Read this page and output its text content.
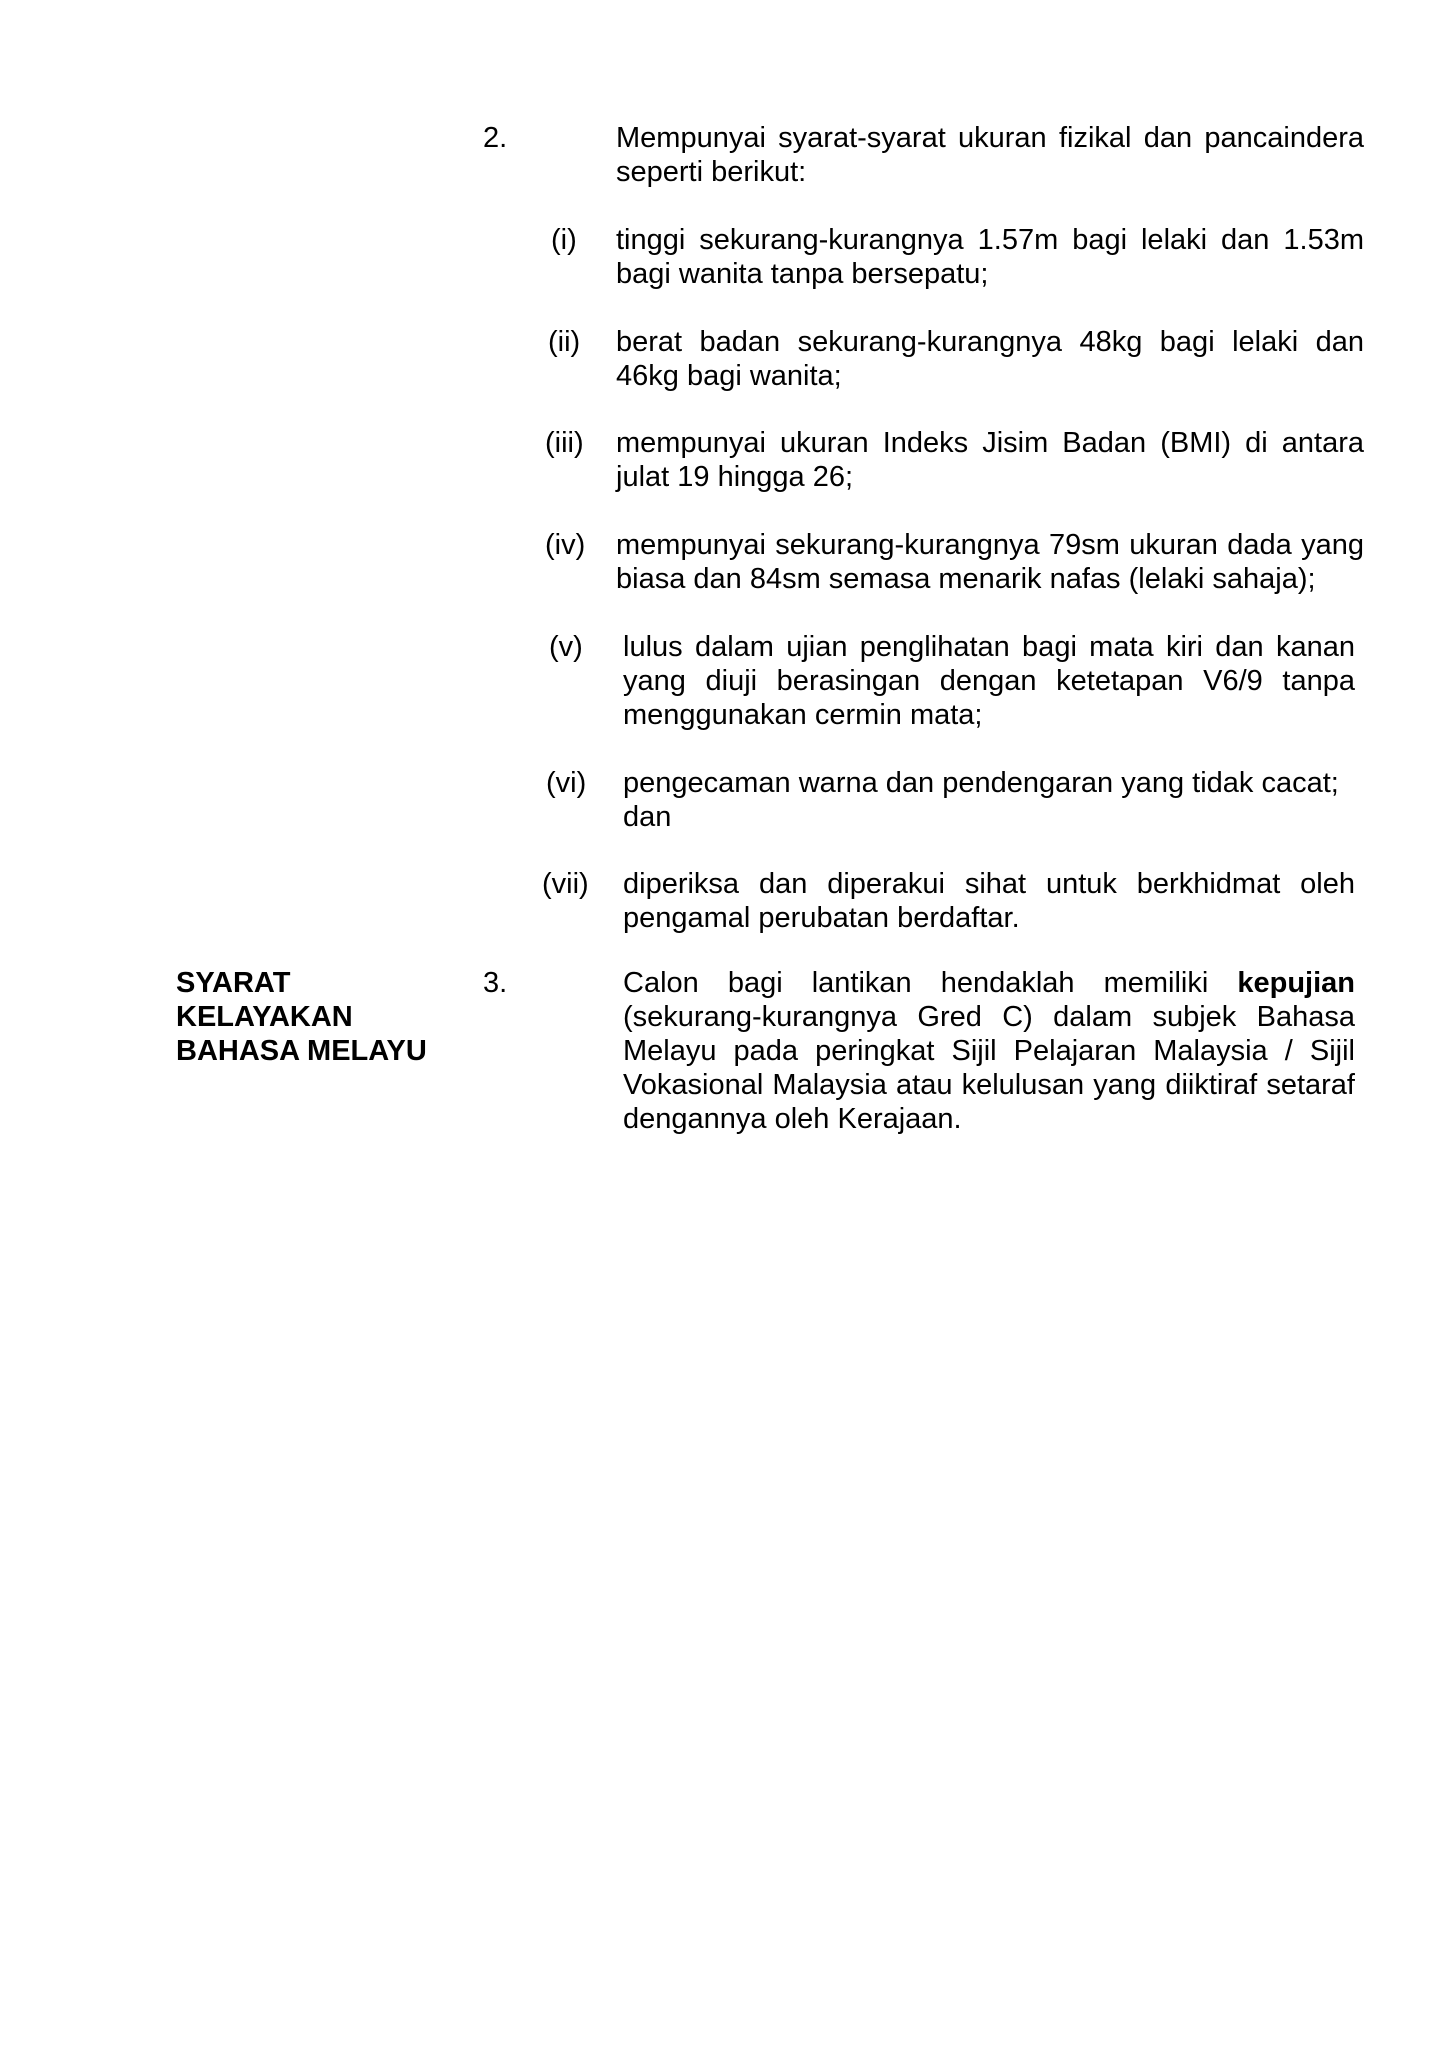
2.	Mempunyai syarat-syarat ukuran fizikal dan pancaindera seperti berikut:
(i) tinggi sekurang-kurangnya 1.57m bagi lelaki dan 1.53m bagi wanita tanpa bersepatu;
(ii) berat badan sekurang-kurangnya 48kg bagi lelaki dan 46kg bagi wanita;
(iii) mempunyai ukuran Indeks Jisim Badan (BMI) di antara julat 19 hingga 26;
(iv) mempunyai sekurang-kurangnya 79sm ukuran dada yang biasa dan 84sm semasa menarik nafas (lelaki sahaja);
(v) lulus dalam ujian penglihatan bagi mata kiri dan kanan yang diuji berasingan dengan ketetapan V6/9 tanpa menggunakan cermin mata;
(vi) pengecaman warna dan pendengaran yang tidak cacat; dan
(vii) diperiksa dan diperakui sihat untuk berkhidmat oleh pengamal perubatan berdaftar.
SYARAT
KELAYAKAN
BAHASA MELAYU
3.	Calon bagi lantikan hendaklah memiliki kepujian (sekurang-kurangnya Gred C) dalam subjek Bahasa Melayu pada peringkat Sijil Pelajaran Malaysia / Sijil Vokasional Malaysia atau kelulusan yang diiktiraf setaraf dengannya oleh Kerajaan.
